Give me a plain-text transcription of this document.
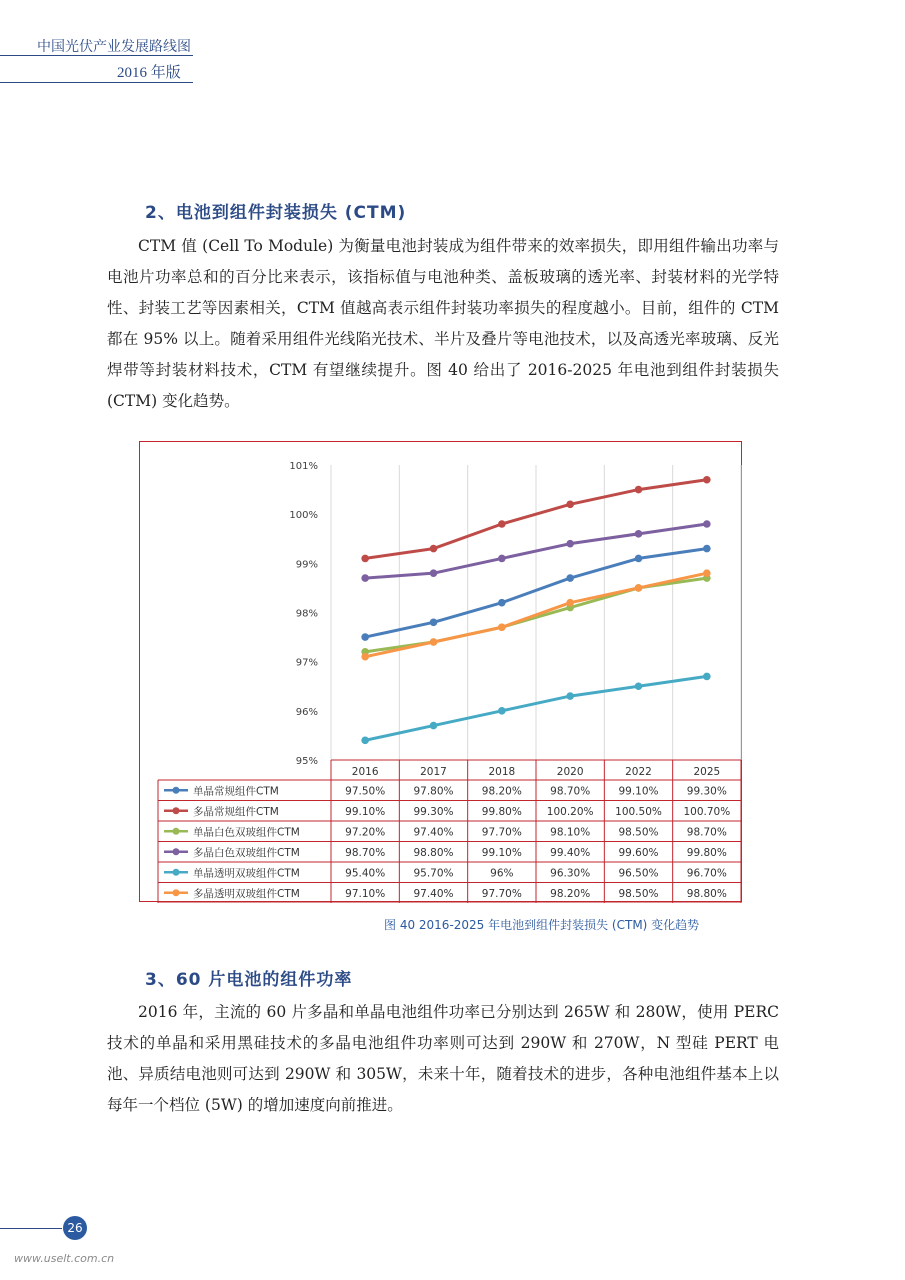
中国光伏产业发展路线图
2016 年版
2、电池到组件封装损失 (CTM)
CTM 值 (Cell To Module) 为衡量电池封装成为组件带来的效率损失，即用组件输出功率与电池片功率总和的百分比来表示，该指标值与电池种类、盖板玻璃的透光率、封装材料的光学特性、封装工艺等因素相关，CTM 值越高表示组件封装功率损失的程度越小。目前，组件的 CTM 都在 95% 以上。随着采用组件光线陷光技术、半片及叠片等电池技术，以及高透光率玻璃、反光焊带等封装材料技术，CTM 有望继续提升。图 40 给出了 2016-2025 年电池到组件封装损失 (CTM) 变化趋势。
95%
96%
97%
98%
99%
100%
101%
2016	2017	2018	2020	2022	2025
单晶常规组件CTM	97.50%	97.80%	98.20%	98.70%	99.10%	99.30%
多晶常规组件CTM	99.10%	99.30%	99.80% 100.20% 100.50% 100.70%
单晶白色双玻组件CTM	97.20%	97.40%	97.70%	98.10%	98.50%	98.70%
多晶白色双玻组件CTM	98.70%	98.80%	99.10%	99.40%	99.60%	99.80%
单晶透明双玻组件CTM	95.40%	95.70%	96%	96.30%	96.50%	96.70%
多晶透明双玻组件CTM	97.10%	97.40%	97.70%	98.20%	98.50%	98.80%
图 40 2016-2025 年电池到组件封装损失 (CTM) 变化趋势
3、60 片电池的组件功率
2016 年，主流的 60 片多晶和单晶电池组件功率已分别达到 265W 和 280W，使用 PERC 技术的单晶和采用黑硅技术的多晶电池组件功率则可达到 290W 和 270W，N 型硅 PERT 电池、异质结电池则可达到 290W 和 305W，未来十年，随着技术的进步，各种电池组件基本上以每年一个档位 (5W) 的增加速度向前推进。
26
www.uselt.com.cn
